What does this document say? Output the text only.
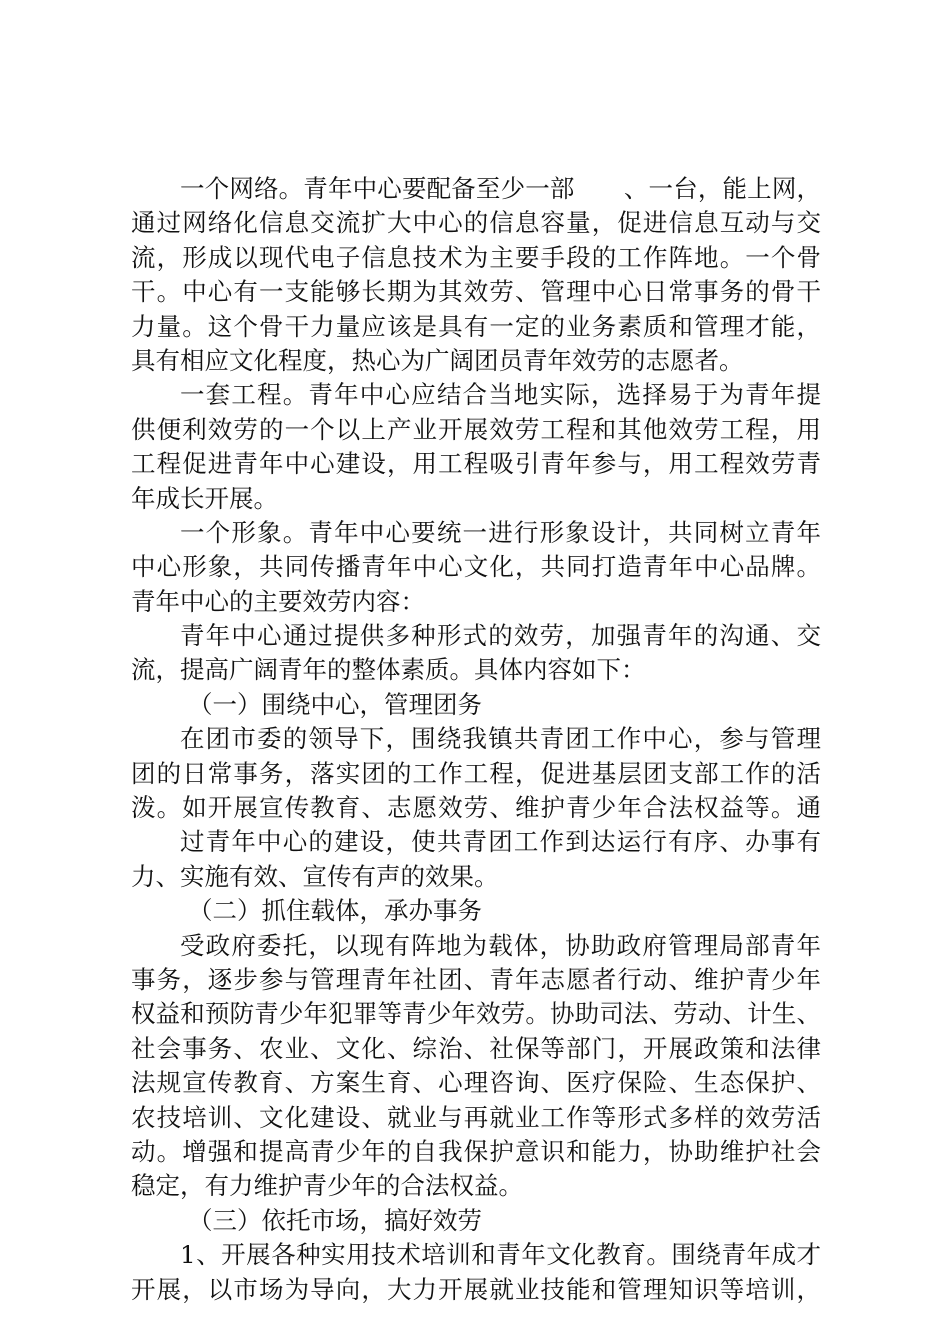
一个网络。青年中心要配备至少一部　　、一台，能上网，
通过网络化信息交流扩大中心的信息容量，促进信息互动与交
流，形成以现代电子信息技术为主要手段的工作阵地。一个骨
干。中心有一支能够长期为其效劳、管理中心日常事务的骨干
力量。这个骨干力量应该是具有一定的业务素质和管理才能，
具有相应文化程度，热心为广阔团员青年效劳的志愿者。
一套工程。青年中心应结合当地实际，选择易于为青年提
供便利效劳的一个以上产业开展效劳工程和其他效劳工程，用
工程促进青年中心建设，用工程吸引青年参与，用工程效劳青
年成长开展。
一个形象。青年中心要统一进行形象设计，共同树立青年
中心形象，共同传播青年中心文化，共同打造青年中心品牌。
青年中心的主要效劳内容：
青年中心通过提供多种形式的效劳，加强青年的沟通、交
流，提高广阔青年的整体素质。具体内容如下：
（一）围绕中心，管理团务
在团市委的领导下，围绕我镇共青团工作中心，参与管理
团的日常事务，落实团的工作工程，促进基层团支部工作的活
泼。如开展宣传教育、志愿效劳、维护青少年合法权益等。通
过青年中心的建设，使共青团工作到达运行有序、办事有
力、实施有效、宣传有声的效果。
（二）抓住载体，承办事务
受政府委托，以现有阵地为载体，协助政府管理局部青年
事务，逐步参与管理青年社团、青年志愿者行动、维护青少年
权益和预防青少年犯罪等青少年效劳。协助司法、劳动、计生、
社会事务、农业、文化、综治、社保等部门，开展政策和法律
法规宣传教育、方案生育、心理咨询、医疗保险、生态保护、
农技培训、文化建设、就业与再就业工作等形式多样的效劳活
动。增强和提高青少年的自我保护意识和能力，协助维护社会
稳定，有力维护青少年的合法权益。
（三）依托市场，搞好效劳
1、开展各种实用技术培训和青年文化教育。围绕青年成才
开展，以市场为导向，大力开展就业技能和管理知识等培训，
